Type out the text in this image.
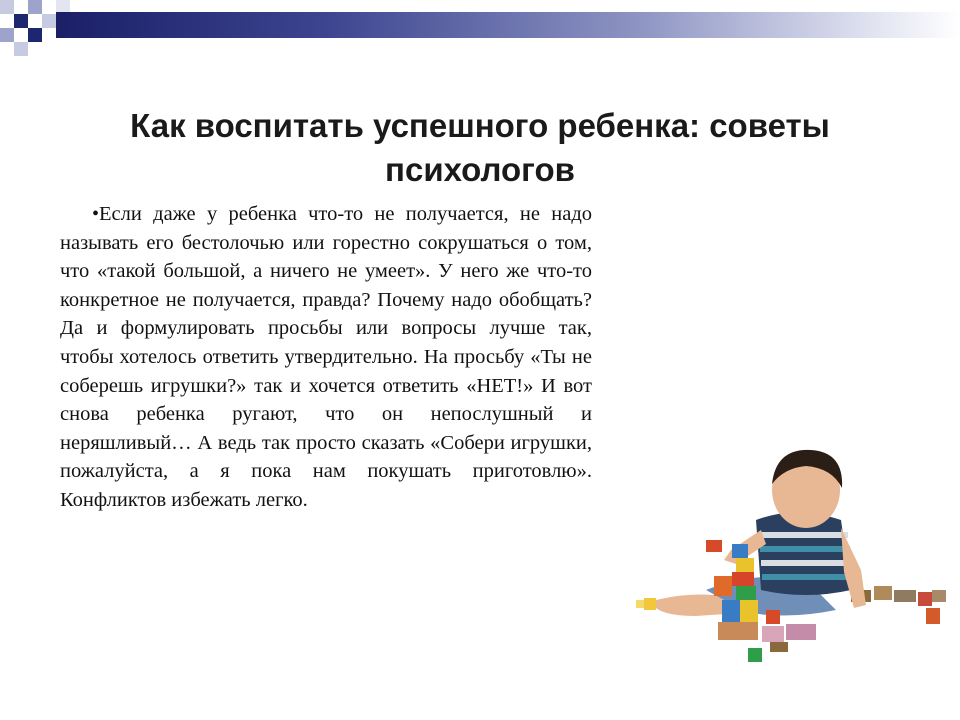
Как воспитать успешного ребенка: советы психологов

•Если даже у ребенка что-то не получается, не надо называть его бестолочью или горестно сокрушаться о том, что «такой большой, а ничего не умеет». У него же что-то конкретное не получается, правда? Почему надо обобщать? Да и формулировать просьбы или вопросы лучше так, чтобы хотелось ответить утвердительно. На просьбу «Ты не соберешь игрушки?» так и хочется ответить «НЕТ!» И вот снова ребенка ругают, что он непослушный и неряшливый… А ведь так просто сказать «Собери игрушки, пожалуйста, а я пока нам покушать приготовлю». Конфликтов избежать легко.
